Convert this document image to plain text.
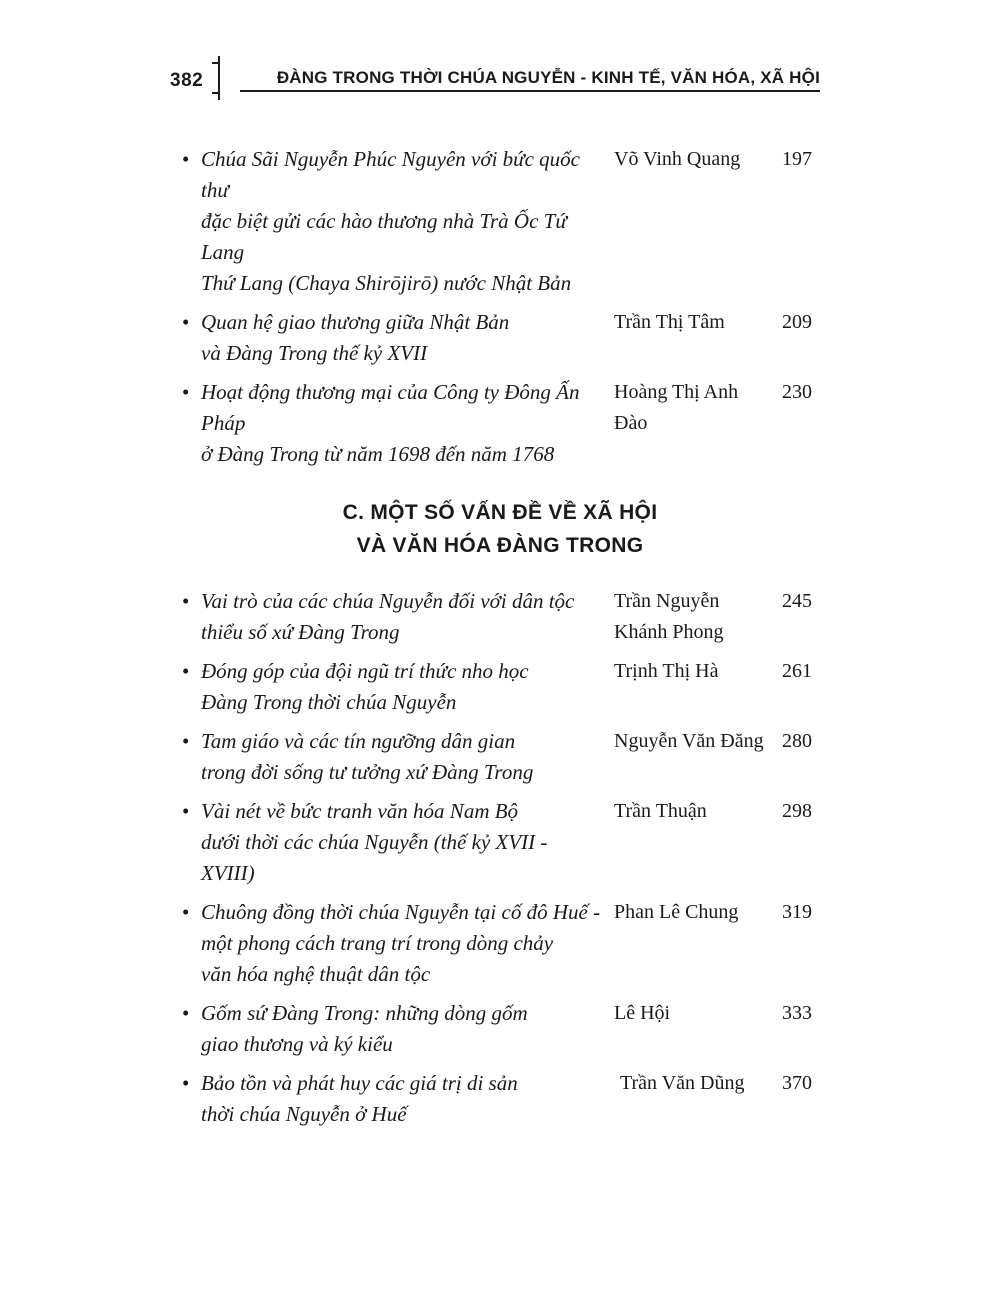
382	ĐÀNG TRONG THỜI CHÚA NGUYỄN - KINH TẾ, VĂN HÓA, XÃ HỘI
• Chúa Sãi Nguyễn Phúc Nguyên với bức quốc thư
đặc biệt gửi các hào thương nhà Trà Ốc Tứ Lang
Thứ Lang (Chaya Shirōjirō) nước Nhật Bản
Võ Vinh Quang	197
• Quan hệ giao thương giữa Nhật Bản
và Đàng Trong thế kỷ XVII
Trần Thị Tâm	209
• Hoạt động thương mại của Công ty Đông Ấn Pháp
ở Đàng Trong từ năm 1698 đến năm 1768
Hoàng Thị Anh Đào
230
C. MỘT SỐ VẤN ĐỀ VỀ XÃ HỘI
VÀ VĂN HÓA ĐÀNG TRONG
• Vai trò của các chúa Nguyễn đối với dân tộc
thiểu số xứ Đàng Trong
Trần Nguyễn
Khánh Phong
245
• Đóng góp của đội ngũ trí thức nho học
Đàng Trong thời chúa Nguyễn
Trịnh Thị Hà	261
• Tam giáo và các tín ngưỡng dân gian
trong đời sống tư tưởng xứ Đàng Trong
Nguyễn Văn Đăng 280
• Vài nét về bức tranh văn hóa Nam Bộ
dưới thời các chúa Nguyễn (thế kỷ XVII - XVIII)
Trần Thuận	298
• Chuông đồng thời chúa Nguyễn tại cố đô Huế -
một phong cách trang trí trong dòng chảy
văn hóa nghệ thuật dân tộc
Phan Lê Chung	319
• Gốm sứ Đàng Trong: những dòng gốm
giao thương và ký kiểu
Lê Hội	333
• Bảo tồn và phát huy các giá trị di sản
thời chúa Nguyễn ở Huế
Trần Văn Dũng	370
